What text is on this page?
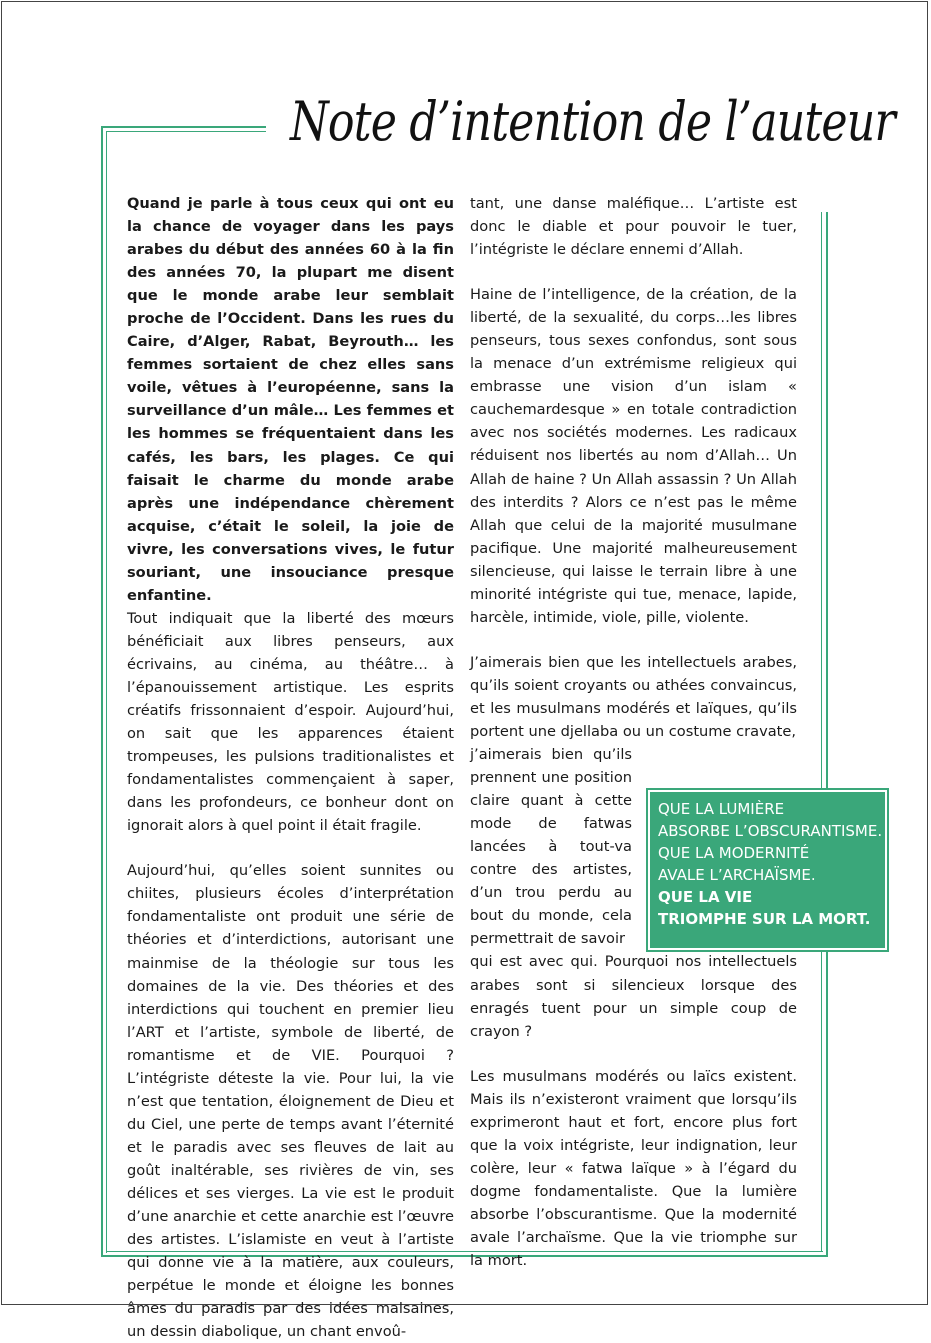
Note d’intention de l’auteur

Quand je parle à tous ceux qui ont eu la chance de voyager dans les pays arabes du début des années 60 à la fin des années 70, la plupart me disent que le monde arabe leur semblait proche de l’Occident. Dans les rues du Caire, d’Alger, Rabat, Beyrouth… les femmes sortaient de chez elles sans voile, vêtues à l’européenne, sans la surveillance d’un mâle… Les femmes et les hommes se fréquentaient dans les cafés, les bars, les plages. Ce qui faisait le charme du monde arabe après une indépendance chèrement acquise, c’était le soleil, la joie de vivre, les conversations vives, le futur souriant, une insouciance presque enfantine.

Tout indiquait que la liberté des mœurs bénéficiait aux libres penseurs, aux écrivains, au cinéma, au théâtre… à l’épanouissement artistique. Les esprits créatifs frissonnaient d’espoir. Aujourd’hui, on sait que les apparences étaient trompeuses, les pulsions traditionalistes et fondamentalistes commençaient à saper, dans les profondeurs, ce bonheur dont on ignorait alors à quel point il était fragile.

Aujourd’hui, qu’elles soient sunnites ou chiites, plusieurs écoles d’interprétation fondamentaliste ont produit une série de théories et d’interdictions, autorisant une mainmise de la théologie sur tous les domaines de la vie. Des théories et des interdictions qui touchent en premier lieu l’ART et l’artiste, symbole de liberté, de romantisme et de VIE. Pourquoi ? L’intégriste déteste la vie. Pour lui, la vie n’est que tentation, éloignement de Dieu et du Ciel, une perte de temps avant l’éternité et le paradis avec ses fleuves de lait au goût inaltérable, ses rivières de vin, ses délices et ses vierges. La vie est le produit d’une anarchie et cette anarchie est l’œuvre des artistes. L’islamiste en veut à l’artiste qui donne vie à la matière, aux couleurs, perpétue le monde et éloigne les bonnes âmes du paradis par des idées malsaines, un dessin diabolique, un chant envoû-

tant, une danse maléfique… L’artiste est donc le diable et pour pouvoir le tuer, l’intégriste le déclare ennemi d’Allah.

Haine de l’intelligence, de la création, de la liberté, de la sexualité, du corps…les libres penseurs, tous sexes confondus, sont sous la menace d’un extrémisme religieux qui embrasse une vision d’un islam « cauchemardesque » en totale contradiction avec nos sociétés modernes. Les radicaux réduisent nos libertés au nom d’Allah… Un Allah de haine ? Un Allah assassin ? Un Allah des interdits ? Alors ce n’est pas le même Allah que celui de la majorité musulmane pacifique. Une majorité malheureusement silencieuse, qui laisse le terrain libre à une minorité intégriste qui tue, menace, lapide, harcèle, intimide, viole, pille, violente.

J’aimerais bien que les intellectuels arabes, qu’ils soient croyants ou athées convaincus, et les musulmans modérés et laïques, qu’ils portent une djellaba ou un costume cravate,

j’aimerais bien qu’ils prennent une position claire quant à cette mode de fatwas lancées à tout-va contre des artistes, d’un trou perdu au bout du monde, cela permettrait de savoir

qui est avec qui. Pourquoi nos intellectuels arabes sont si silencieux lorsque des enragés tuent pour un simple coup de crayon ?

Les musulmans modérés ou laïcs existent. Mais ils n’existeront vraiment que lorsqu’ils exprimeront haut et fort, encore plus fort que la voix intégriste, leur indignation, leur colère, leur « fatwa laïque » à l’égard du dogme fondamentaliste. Que la lumière absorbe l’obscurantisme. Que la modernité avale l’archaïsme. Que la vie triomphe sur la mort.

QUE LA LUMIÈRE
ABSORBE L’OBSCURANTISME.
QUE LA MODERNITÉ
AVALE L’ARCHAÏSME.
QUE LA VIE
TRIOMPHE SUR LA MORT.
